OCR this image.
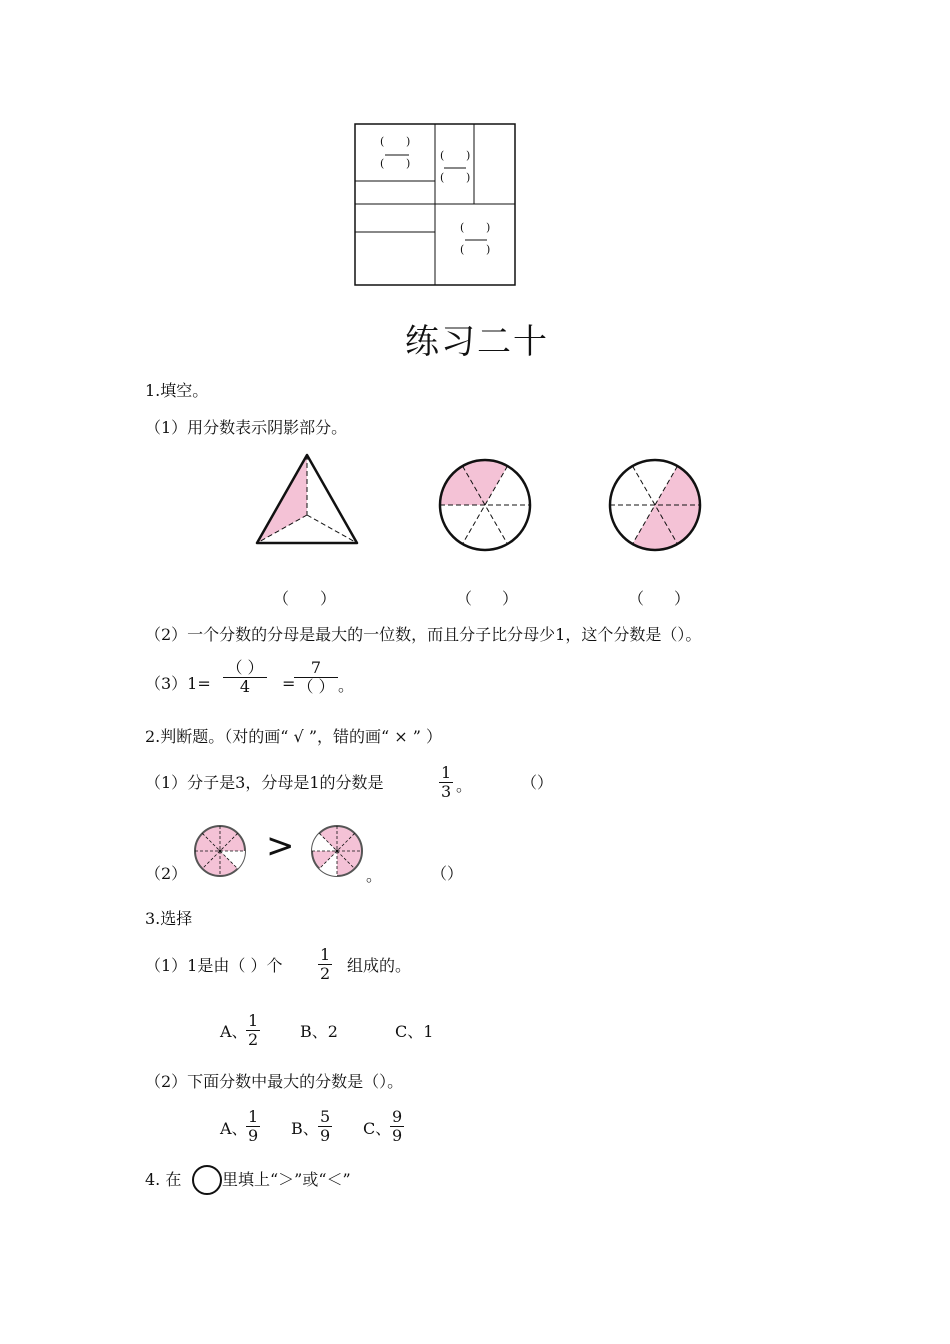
( )
( )
( )
( )
( )
( )
练习二十
1.填空。
（1）用分数表示阴影部分。
（ ）	（ ）	（ ）
（2）一个分数的分母是最大的一位数，而且分子比分母少1，这个分数是（）。
（3）1=
（ ）
4 =
7
（ ） 。
2.判断题。（对的画“ √ ”，错的画“ × ” ）
（1）分子是3，分母是1的分数是	$\frac{1}{3}$ 。	（）
（2）
>
。	（）
3.选择
（1）1是由（ ）个 $\frac{1}{2}$ 组成的。
A、
$\frac{1}{2}$ B、2	C、1
（2）下面分数中最大的分数是（）。
A、
$\frac{1}{9}$ B、 $\frac{5}{9}$ C、
$\frac{9}{9}$
4. 在	里填上“＞”或“＜”
